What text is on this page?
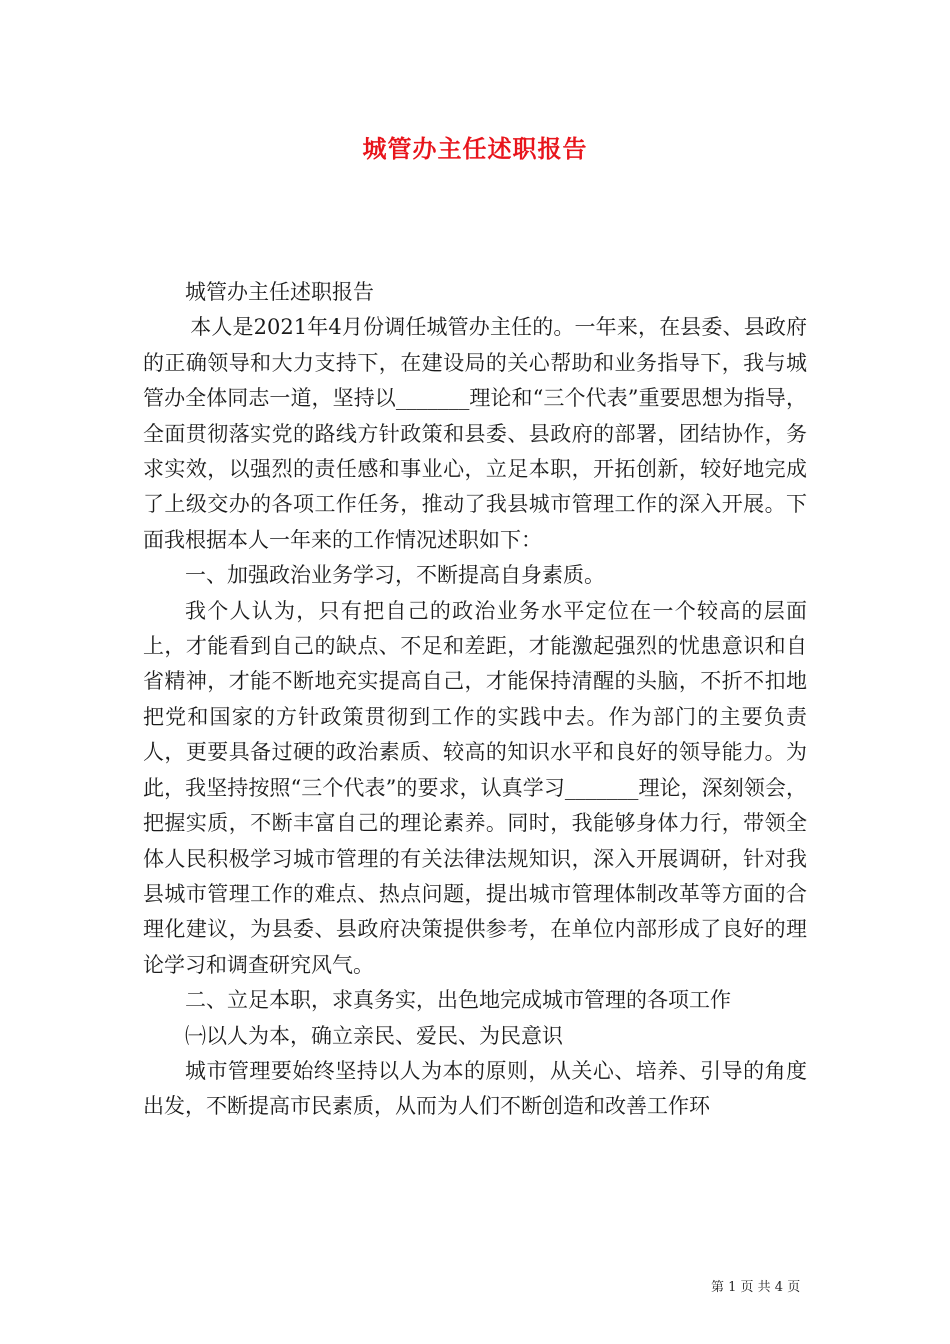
城管办主任述职报告

城管办主任述职报告

本人是2021年4月份调任城管办主任的。一年来，在县委、县政府的正确领导和大力支持下，在建设局的关心帮助和业务指导下，我与城管办全体同志一道，坚持以_______理论和“三个代表”重要思想为指导，全面贯彻落实党的路线方针政策和县委、县政府的部署，团结协作，务求实效，以强烈的责任感和事业心，立足本职，开拓创新，较好地完成了上级交办的各项工作任务，推动了我县城市管理工作的深入开展。下面我根据本人一年来的工作情况述职如下：

一、加强政治业务学习，不断提高自身素质。

我个人认为，只有把自己的政治业务水平定位在一个较高的层面上，才能看到自己的缺点、不足和差距，才能激起强烈的忧患意识和自省精神，才能不断地充实提高自己，才能保持清醒的头脑，不折不扣地把党和国家的方针政策贯彻到工作的实践中去。作为部门的主要负责人，更要具备过硬的政治素质、较高的知识水平和良好的领导能力。为此，我坚持按照“三个代表”的要求，认真学习_______理论，深刻领会，把握实质，不断丰富自己的理论素养。同时，我能够身体力行，带领全体人民积极学习城市管理的有关法律法规知识，深入开展调研，针对我县城市管理工作的难点、热点问题，提出城市管理体制改革等方面的合理化建议，为县委、县政府决策提供参考，在单位内部形成了良好的理论学习和调查研究风气。

二、立足本职，求真务实，出色地完成城市管理的各项工作

㈠以人为本，确立亲民、爱民、为民意识

城市管理要始终坚持以人为本的原则，从关心、培养、引导的角度出发，不断提高市民素质，从而为人们不断创造和改善工作环

第 1 页 共 4 页
